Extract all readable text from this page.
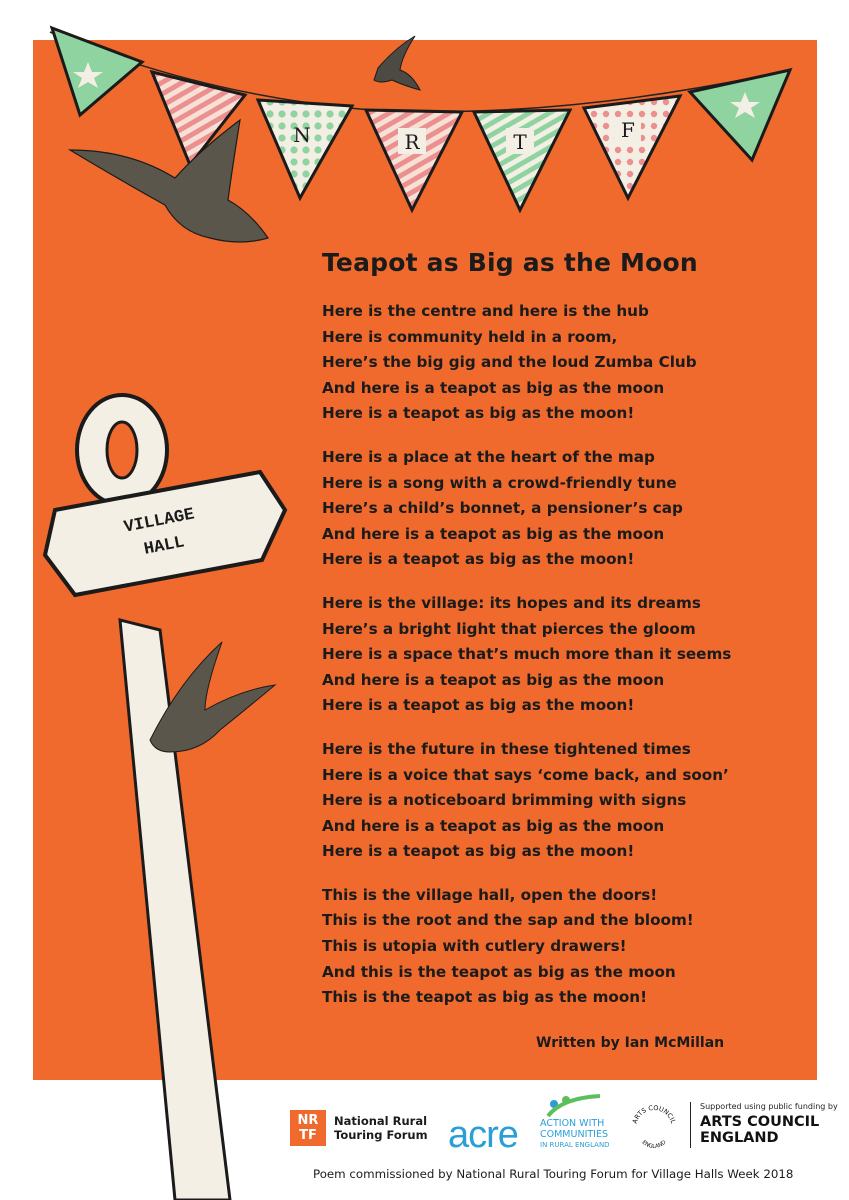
N	R	T	F
VILLAGE
HALL
Teapot as Big as the Moon
Here is the centre and here is the hub
Here is community held in a room,
Here’s the big gig and the loud Zumba Club
And here is a teapot as big as the moon
Here is a teapot as big as the moon!
Here is a place at the heart of the map
Here is a song with a crowd-friendly tune
Here’s a child’s bonnet, a pensioner’s cap
And here is a teapot as big as the moon
Here is a teapot as big as the moon!
Here is the village: its hopes and its dreams
Here’s a bright light that pierces the gloom
Here is a space that’s much more than it seems
And here is a teapot as big as the moon
Here is a teapot as big as the moon!
Here is the future in these tightened times
Here is a voice that says ‘come back, and soon’
Here is a noticeboard brimming with signs
And here is a teapot as big as the moon
Here is a teapot as big as the moon!
This is the village hall, open the doors!
This is the root and the sap and the bloom!
This is utopia with cutlery drawers!
And this is the teapot as big as the moon
This is the teapot as big as the moon!
Written by Ian McMillan
NR
TF
National Rural
Touring Forum acre ACTION WITH
COMMUNITIES
IN RURAL ENGLAND
ARTS COUNCIL
ENGLAND
Supported using public funding by
ARTS COUNCIL
ENGLAND
Poem commissioned by National Rural Touring Forum for Village Halls Week 2018
